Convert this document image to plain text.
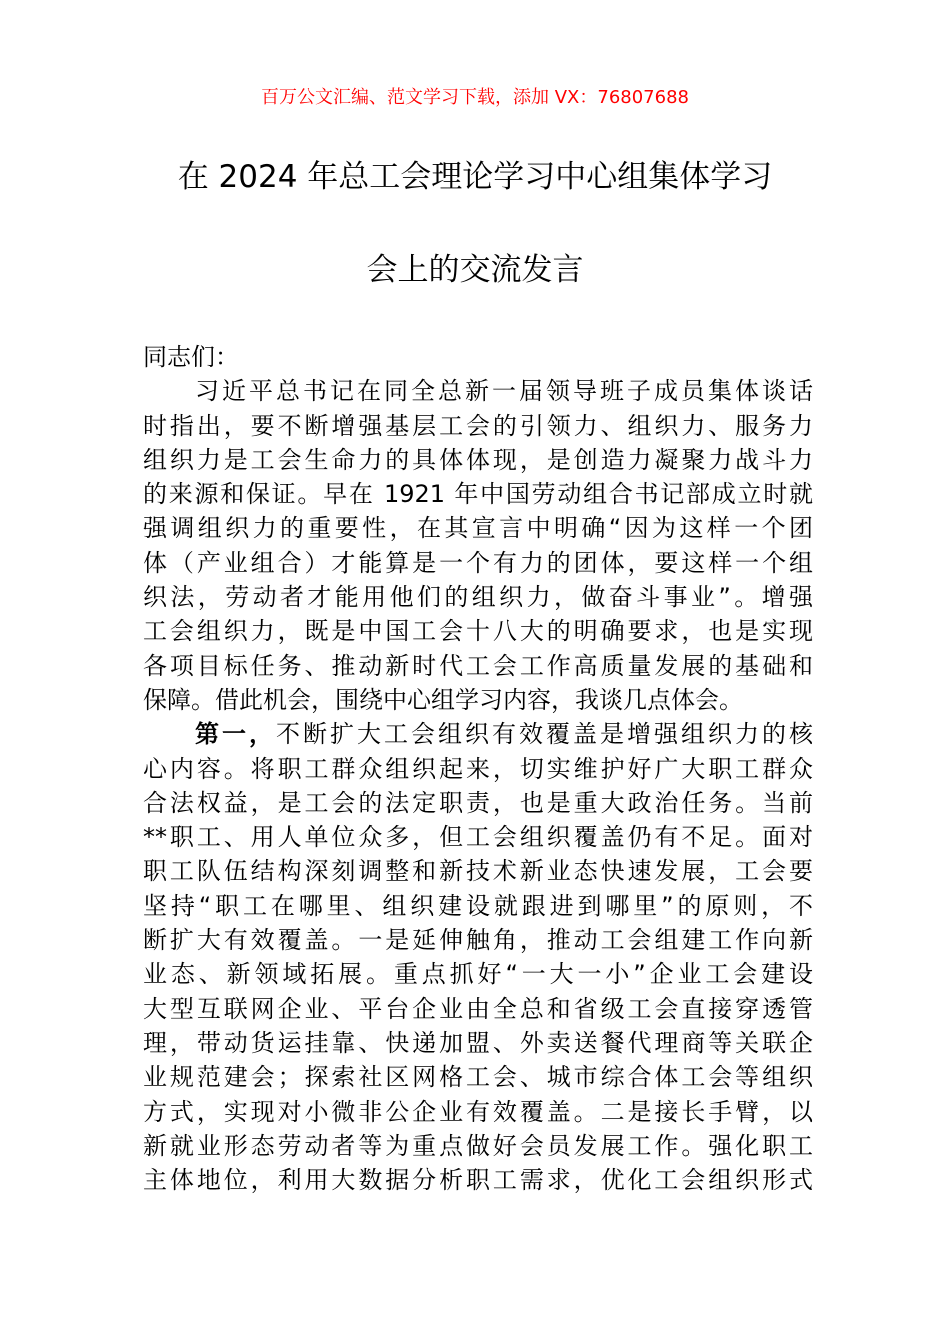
百万公文汇编、范文学习下载，添加 VX：76807688
在 2024 年总工会理论学习中心组集体学习
会上的交流发言
同志们：
习近平总书记在同全总新一届领导班子成员集体谈话
时指出，要不断增强基层工会的引领力、组织力、服务力
组织力是工会生命力的具体体现，是创造力凝聚力战斗力
的来源和保证。早在 1921 年中国劳动组合书记部成立时就
强调组织力的重要性，在其宣言中明确“因为这样一个团
体（产业组合）才能算是一个有力的团体，要这样一个组
织法，劳动者才能用他们的组织力，做奋斗事业”。增强
工会组织力，既是中国工会十八大的明确要求，也是实现
各项目标任务、推动新时代工会工作高质量发展的基础和
保障。借此机会，围绕中心组学习内容，我谈几点体会。
第一，不断扩大工会组织有效覆盖是增强组织力的核
心内容。将职工群众组织起来，切实维护好广大职工群众
合法权益，是工会的法定职责，也是重大政治任务。当前
**职工、用人单位众多，但工会组织覆盖仍有不足。面对
职工队伍结构深刻调整和新技术新业态快速发展，工会要
坚持“职工在哪里、组织建设就跟进到哪里”的原则，不
断扩大有效覆盖。一是延伸触角，推动工会组建工作向新
业态、新领域拓展。重点抓好“一大一小”企业工会建设
大型互联网企业、平台企业由全总和省级工会直接穿透管
理，带动货运挂靠、快递加盟、外卖送餐代理商等关联企
业规范建会；探索社区网格工会、城市综合体工会等组织
方式，实现对小微非公企业有效覆盖。二是接长手臂，以
新就业形态劳动者等为重点做好会员发展工作。强化职工
主体地位，利用大数据分析职工需求，优化工会组织形式
